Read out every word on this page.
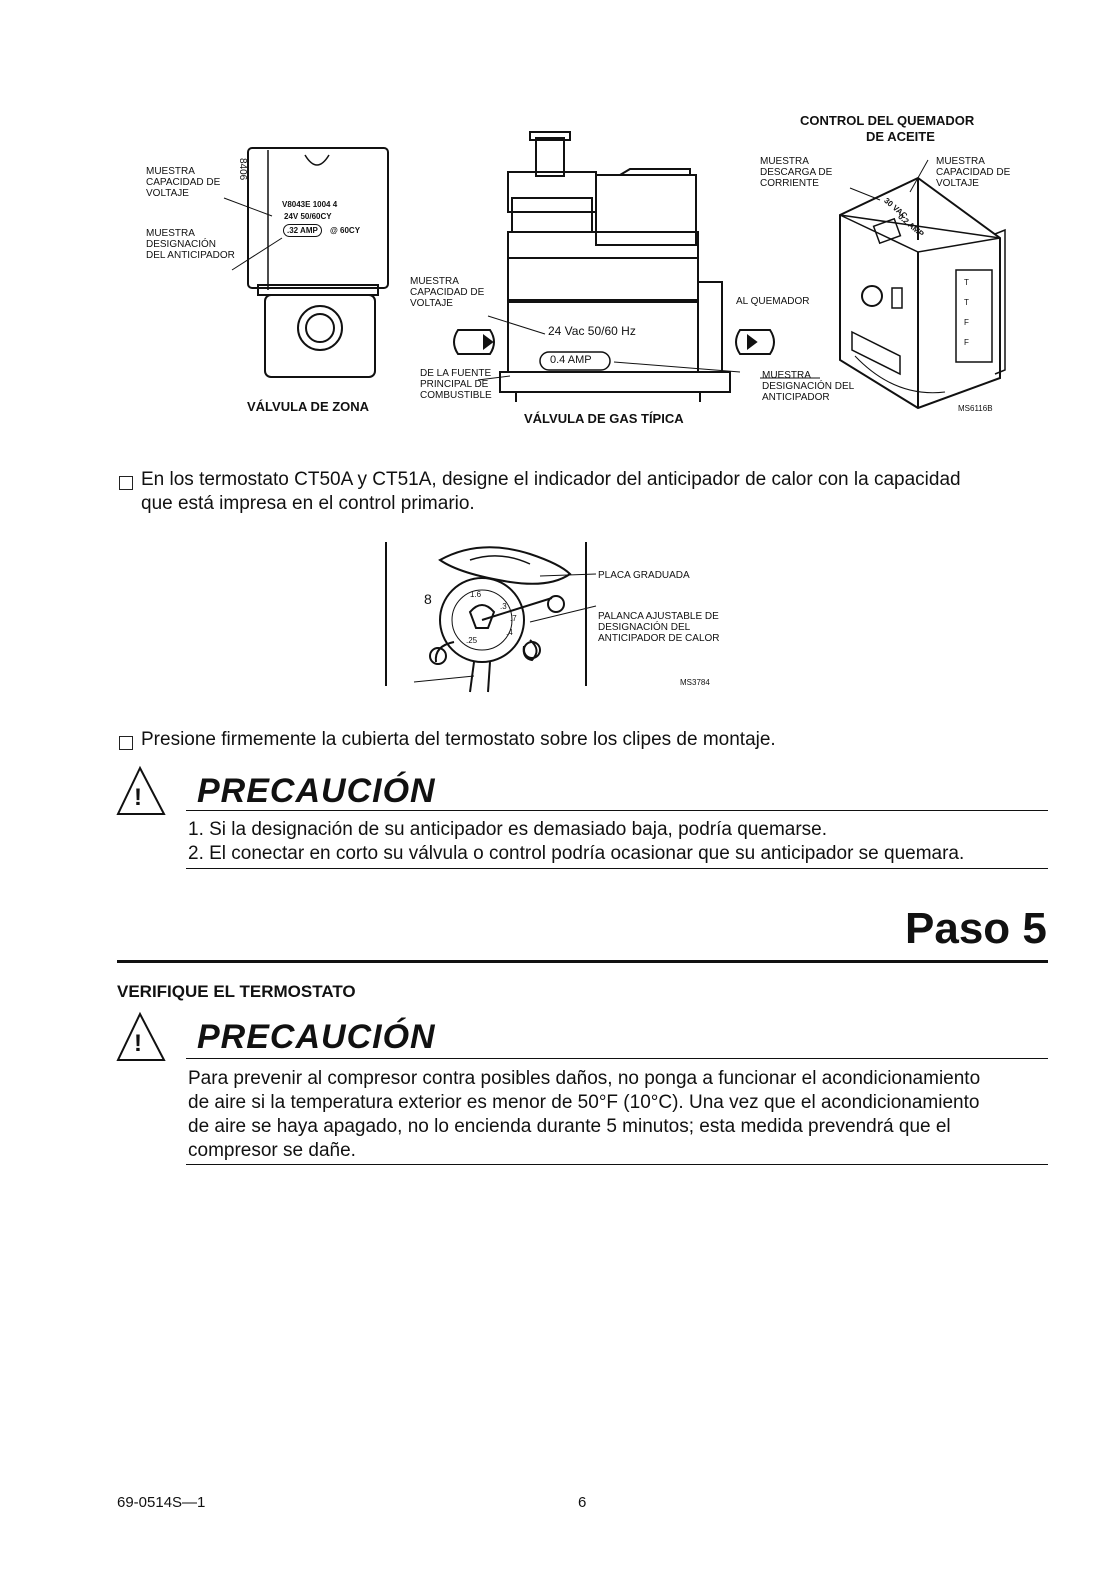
MUESTRA CAPACIDAD DE VOLTAJE
MUESTRA DESIGNACIÓN DEL ANTICIPADOR
8406
V8043E 1004 4
24V 50/60CY
.32 AMP	@ 60CY
VÁLVULA DE ZONA
MUESTRA CAPACIDAD DE VOLTAJE
24 Vac 50/60 Hz
0.4 AMP
DE LA FUENTE PRINCIPAL DE COMBUSTIBLE
AL QUEMADOR
MUESTRA DESIGNACIÓN DEL ANTICIPADOR
VÁLVULA DE GAS TÍPICA
CONTROL DEL QUEMADOR
DE ACEITE
MUESTRA DESCARGA DE CORRIENTE
MUESTRA CAPACIDAD DE VOLTAJE
30 VAC
0.2 AMP
T
T
F
F
MS6116B
En los termostato CT50A y CT51A, designe el indicador del anticipador de calor con la capacidad
que está impresa en el control primario.
8	1.6
.3
.4
.7
.25
PLACA GRADUADA
PALANCA AJUSTABLE DE DESIGNACIÓN DEL ANTICIPADOR DE CALOR
MS3784
Presione firmemente la cubierta del termostato sobre los clipes de montaje.
! PRECAUCIÓN
1. Si la designación de su anticipador es demasiado baja, podría quemarse.
2. El conectar en corto su válvula o control podría ocasionar que su anticipador se quemara.
Paso 5
VERIFIQUE EL TERMOSTATO
! PRECAUCIÓN
Para prevenir al compresor contra posibles daños, no ponga a funcionar el acondicionamiento
de aire si la temperatura exterior es menor de 50°F (10°C). Una vez que el acondicionamiento
de aire se haya apagado, no lo encienda durante 5 minutos; esta medida prevendrá que el
compresor se dañe.
69-0514S—1	6
